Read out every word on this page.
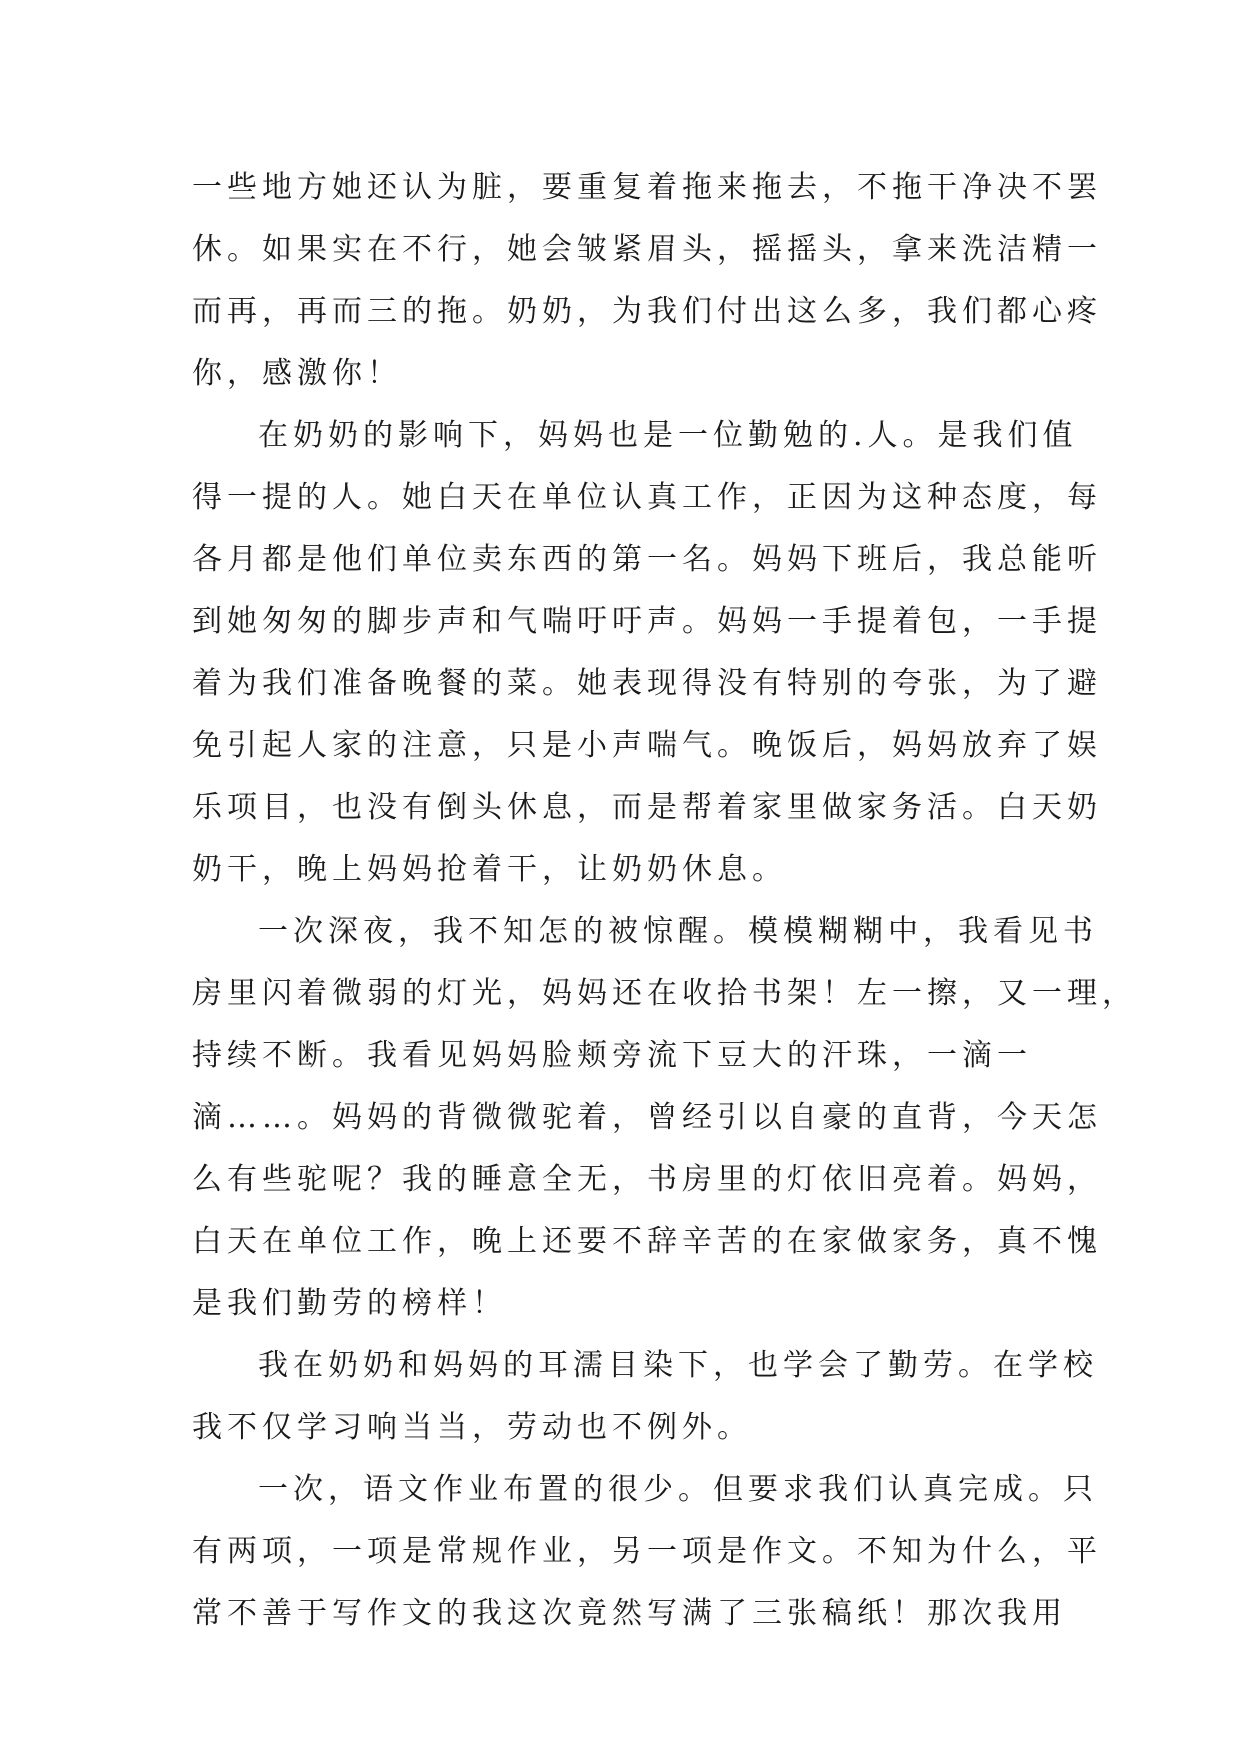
一些地方她还认为脏，要重复着拖来拖去，不拖干净决不罢
休。如果实在不行，她会皱紧眉头，摇摇头，拿来洗洁精一
而再，再而三的拖。奶奶，为我们付出这么多，我们都心疼
你，感激你！
在奶奶的影响下，妈妈也是一位勤勉的.人。是我们值
得一提的人。她白天在单位认真工作，正因为这种态度，每
各月都是他们单位卖东西的第一名。妈妈下班后，我总能听
到她匆匆的脚步声和气喘吁吁声。妈妈一手提着包，一手提
着为我们准备晚餐的菜。她表现得没有特别的夸张，为了避
免引起人家的注意，只是小声喘气。晚饭后，妈妈放弃了娱
乐项目，也没有倒头休息，而是帮着家里做家务活。白天奶
奶干，晚上妈妈抢着干，让奶奶休息。
一次深夜，我不知怎的被惊醒。模模糊糊中，我看见书
房里闪着微弱的灯光，妈妈还在收拾书架！左一擦，又一理，
持续不断。我看见妈妈脸颊旁流下豆大的汗珠，一滴一
滴……。妈妈的背微微驼着，曾经引以自豪的直背，今天怎
么有些驼呢？我的睡意全无，书房里的灯依旧亮着。妈妈，
白天在单位工作，晚上还要不辞辛苦的在家做家务，真不愧
是我们勤劳的榜样！
我在奶奶和妈妈的耳濡目染下，也学会了勤劳。在学校
我不仅学习响当当，劳动也不例外。
一次，语文作业布置的很少。但要求我们认真完成。只
有两项，一项是常规作业，另一项是作文。不知为什么，平
常不善于写作文的我这次竟然写满了三张稿纸！那次我用
